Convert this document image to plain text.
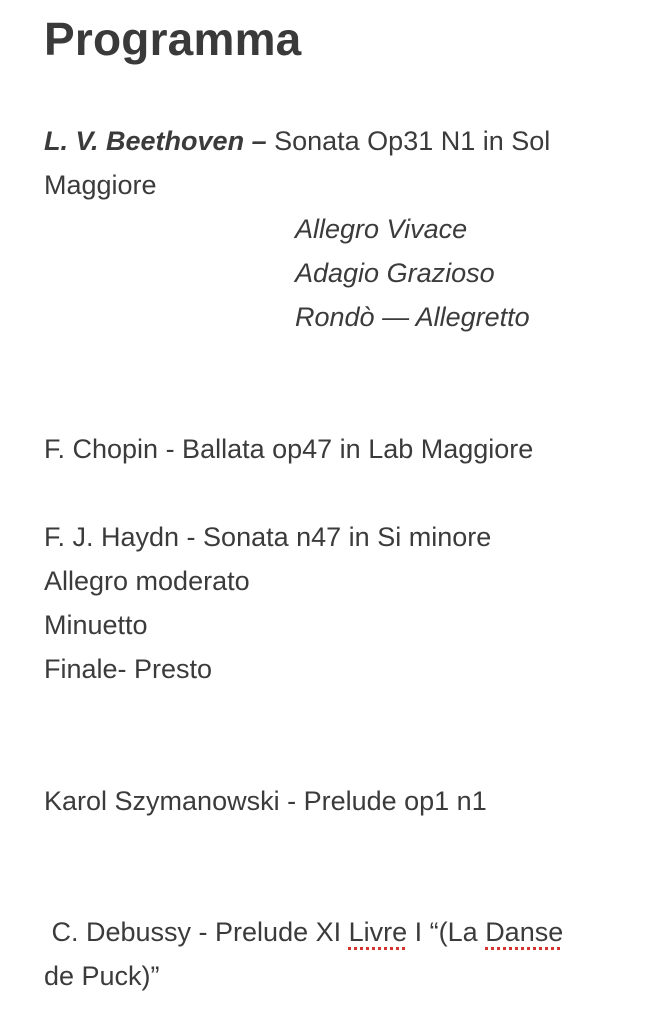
Programma
L. V. Beethoven – Sonata Op31 N1 in Sol
Maggiore
Allegro Vivace
Adagio Grazioso
Rondò — Allegretto
F. Chopin - Ballata op47 in Lab Maggiore
F. J. Haydn - Sonata n47 in Si minore
Allegro moderato
Minuetto
Finale- Presto
Karol Szymanowski - Prelude op1 n1
C. Debussy - Prelude XI Livre I “(La Danse
de Puck)”
